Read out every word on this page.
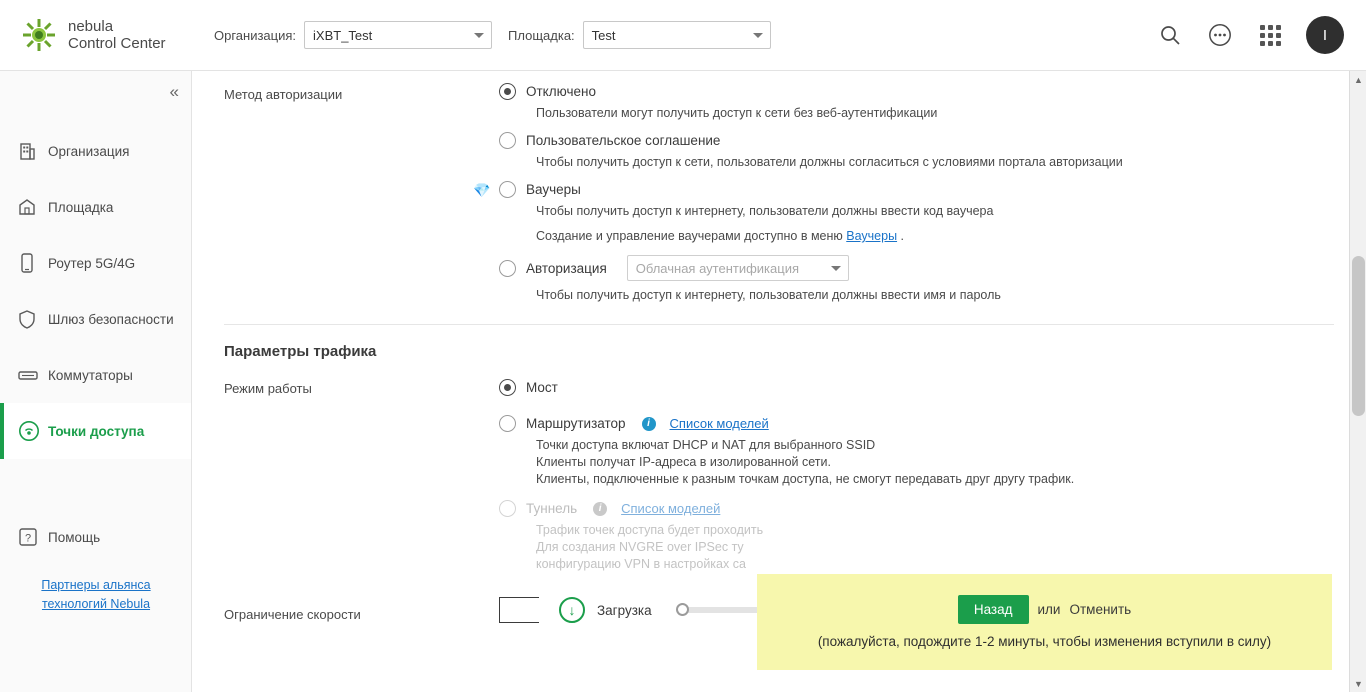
nebula
Control Center	Организация: iXBT_Test	Площадка: Test	I
«
Организация
Площадка
Роутер 5G/4G
Шлюз безопасности
Коммутаторы
Точки доступа
? Помощь
Партнеры альянса
технологий Nebula
Метод авторизации	Отключено
Пользователи могут получить доступ к сети без веб-аутентификации
Пользовательское соглашение
Чтобы получить доступ к сети, пользователи должны согласиться с условиями портала авторизации
💎	Ваучеры
Чтобы получить доступ к интернету, пользователи должны ввести код ваучера
Создание и управление ваучерами доступно в меню Ваучеры .
Авторизация Облачная аутентификация
Чтобы получить доступ к интернету, пользователи должны ввести имя и пароль
Параметры трафика
Режим работы	Мост
Маршрутизатор	i	Список моделей
Точки доступа включат DHCP и NAT для выбранного SSID
Клиенты получат IP-адреса в изолированной сети.
Клиенты, подключенные к разным точкам доступа, не смогут передавать друг другу трафик.
Туннель	i	Список моделей
Трафик точек доступа будет проходить
Для создания NVGRE over IPSec ту
конфигурацию VPN в настройках са
Ограничение скорости	↓	Загрузка	Назад	или Отменить
(пожалуйста, подождите 1-2 минуты, чтобы изменения вступили в силу)
▲
▼
